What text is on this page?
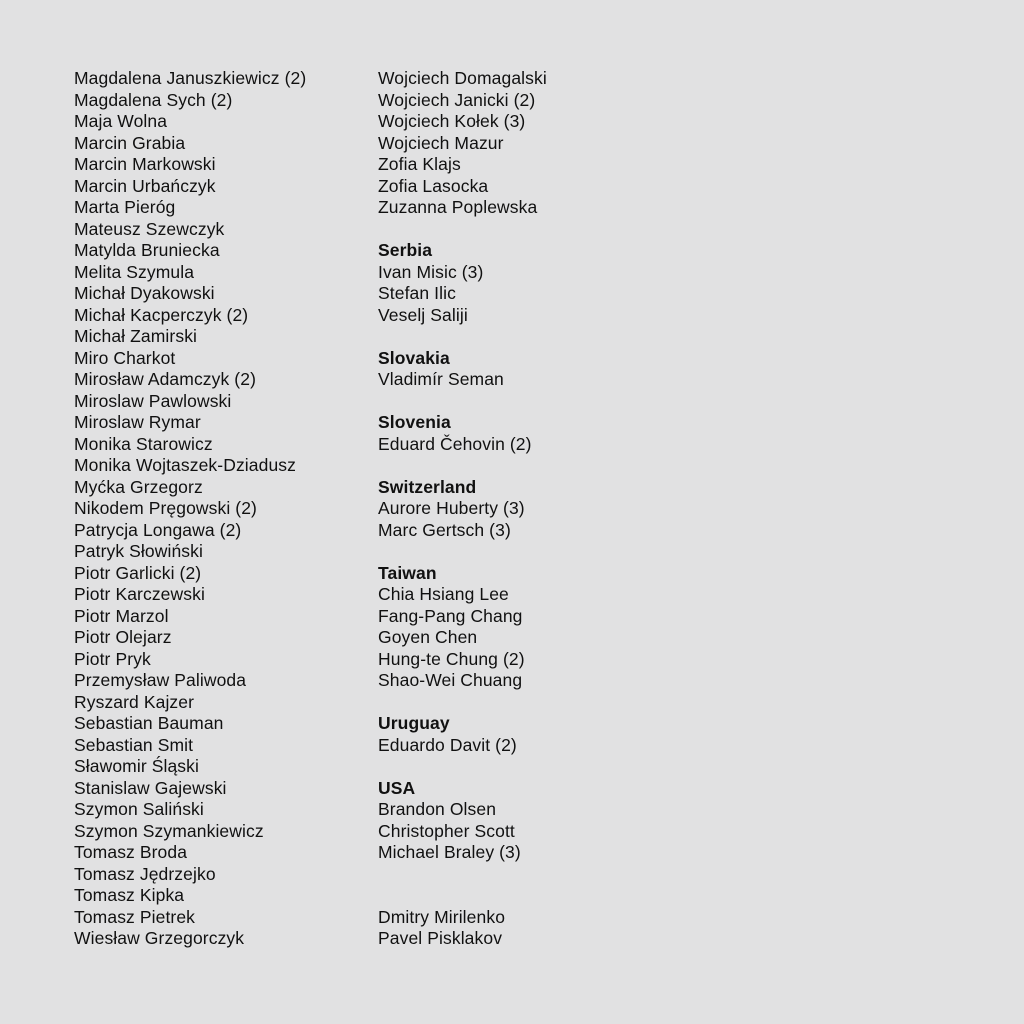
Magdalena Januszkiewicz (2)
Magdalena Sych (2)
Maja Wolna
Marcin Grabia
Marcin Markowski
Marcin Urbańczyk
Marta Pieróg
Mateusz Szewczyk
Matylda Bruniecka
Melita Szymula
Michał Dyakowski
Michał Kacperczyk (2)
Michał Zamirski
Miro Charkot
Mirosław Adamczyk (2)
Miroslaw Pawlowski
Miroslaw Rymar
Monika Starowicz
Monika Wojtaszek-Dziadusz
Myćka Grzegorz
Nikodem Pręgowski (2)
Patrycja Longawa (2)
Patryk Słowiński
Piotr Garlicki (2)
Piotr Karczewski
Piotr Marzol
Piotr Olejarz
Piotr Pryk
Przemysław Paliwoda
Ryszard Kajzer
Sebastian Bauman
Sebastian Smit
Sławomir Śląski
Stanislaw Gajewski
Szymon Saliński
Szymon Szymankiewicz
Tomasz Broda
Tomasz Jędrzejko
Tomasz Kipka
Tomasz Pietrek
Wiesław Grzegorczyk
Wojciech Domagalski
Wojciech Janicki (2)
Wojciech Kołek (3)
Wojciech Mazur
Zofia Klajs
Zofia Lasocka
Zuzanna Poplewska
Serbia
Ivan Misic (3)
Stefan Ilic
Veselj Saliji
Slovakia
Vladimír Seman
Slovenia
Eduard Čehovin (2)
Switzerland
Aurore Huberty (3)
Marc Gertsch (3)
Taiwan
Chia Hsiang Lee
Fang-Pang Chang
Goyen Chen
Hung-te Chung (2)
Shao-Wei Chuang
Uruguay
Eduardo Davit (2)
USA
Brandon Olsen
Christopher Scott
Michael Braley (3)
Dmitry Mirilenko
Pavel Pisklakov
